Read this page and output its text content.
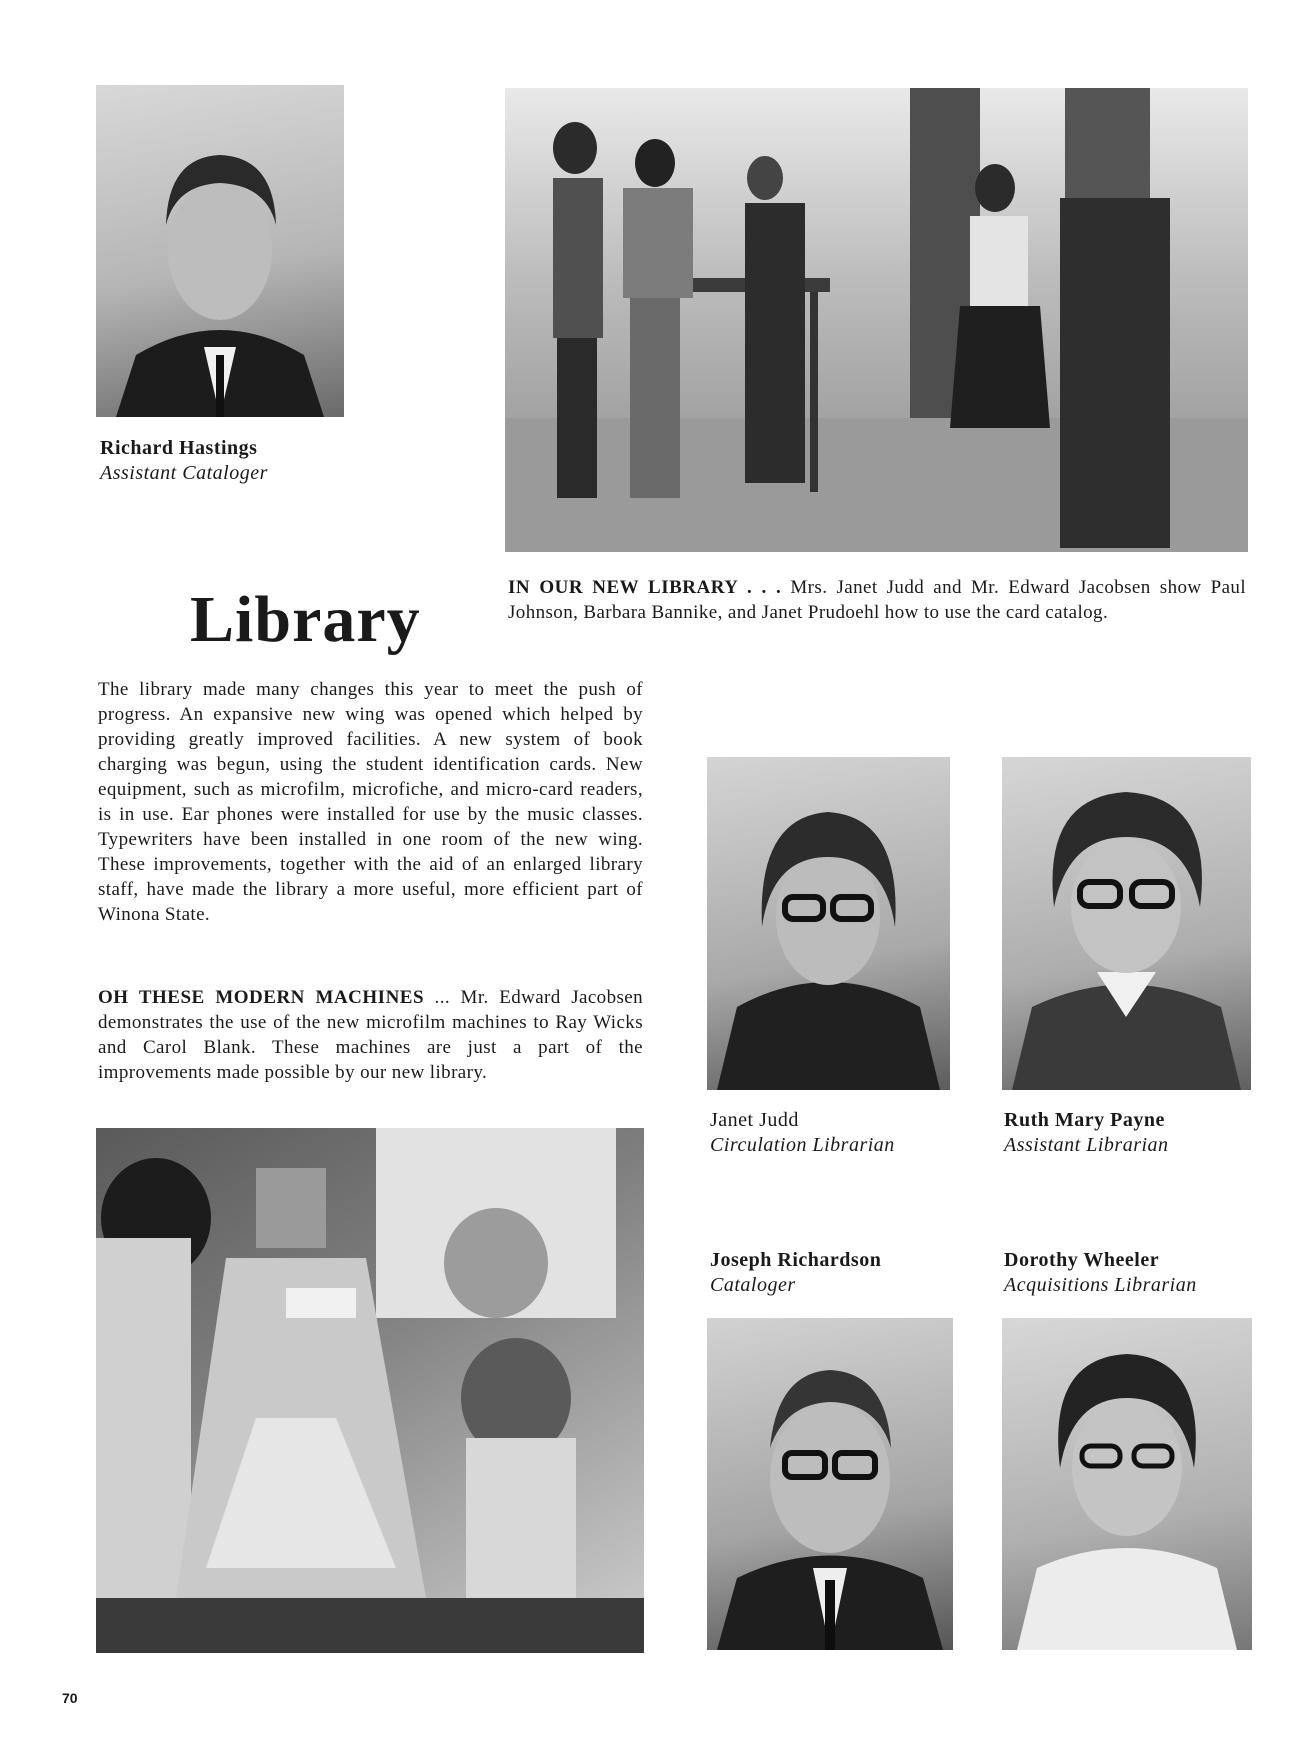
Richard Hastings
Assistant Cataloger
Library	IN OUR NEW LIBRARY . . . Mrs. Janet Judd and Mr. Edward Jacobsen show Paul Johnson, Barbara Bannike, and Janet Prudoehl how to use the card catalog.
The library made many changes this year to meet the push of progress. An expansive new wing was opened which helped by providing greatly improved facilities. A new system of book charging was begun, using the student identification cards. New equipment, such as microfilm, microfiche, and micro-card readers, is in use. Ear phones were installed for use by the music classes. Typewriters have been installed in one room of the new wing. These improvements, together with the aid of an enlarged library staff, have made the library a more useful, more efficient part of Winona State.
OH THESE MODERN MACHINES ... Mr. Edward Jacobsen demonstrates the use of the new microfilm machines to Ray Wicks and Carol Blank. These machines are just a part of the improvements made possible by our new library.
Janet Judd
Circulation Librarian
Ruth Mary Payne
Assistant Librarian
Joseph Richardson
Cataloger
Dorothy Wheeler
Acquisitions Librarian
70
